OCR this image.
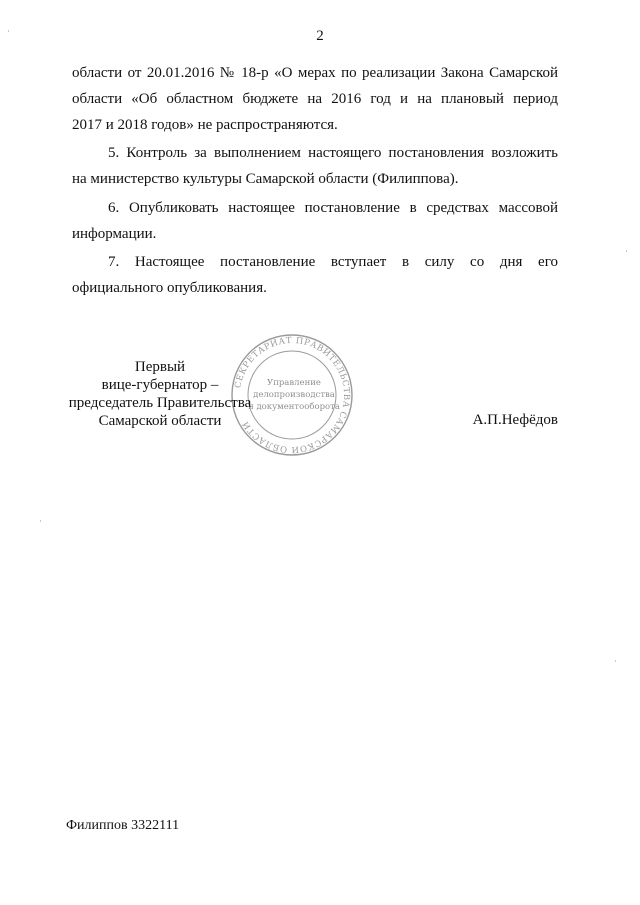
2
области от 20.01.2016 № 18-р «О мерах по реализации Закона Самарской
области «Об областном бюджете на 2016 год и на плановый период
2017 и 2018 годов» не распространяются.
5. Контроль за выполнением настоящего постановления возложить
на министерство культуры Самарской области (Филиппова).
6. Опубликовать настоящее постановление в средствах массовой
информации.
7. Настоящее постановление вступает в силу со дня его
официального опубликования.
СЕКРЕТАРИАТ ПРАВИТЕЛЬСТВА САМАРСКОЙ ОБЛАСТИ
Управление
делопроизводства
и документооборота
Первый
вице-губернатор –
председатель Правительства
Самарской области	А.П.Нефёдов
Филиппов 3322111
